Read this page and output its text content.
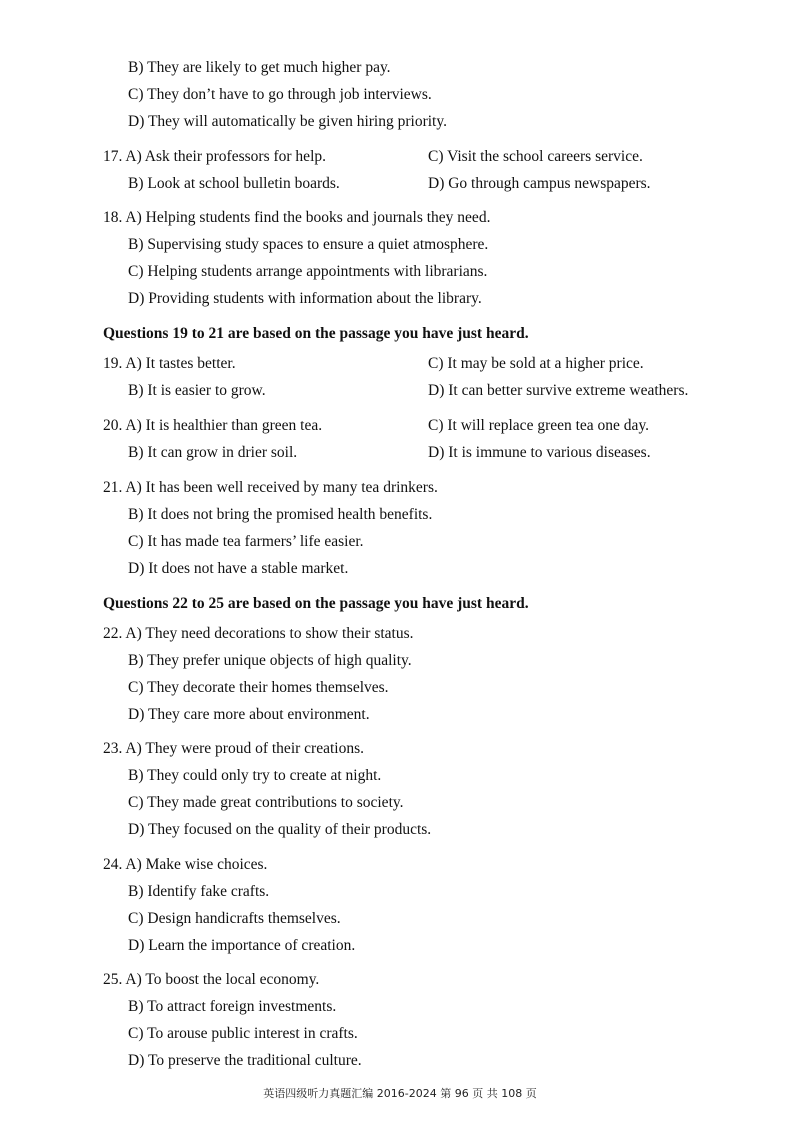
B) They are likely to get much higher pay.
C) They don’t have to go through job interviews.
D) They will automatically be given hiring priority.
17. A) Ask their professors for help.	C) Visit the school careers service.
B) Look at school bulletin boards.	D) Go through campus newspapers.
18. A) Helping students find the books and journals they need.
B) Supervising study spaces to ensure a quiet atmosphere.
C) Helping students arrange appointments with librarians.
D) Providing students with information about the library.
Questions 19 to 21 are based on the passage you have just heard.
19. A) It tastes better.	C) It may be sold at a higher price.
B) It is easier to grow.	D) It can better survive extreme weathers.
20. A) It is healthier than green tea.	C) It will replace green tea one day.
B) It can grow in drier soil.	D) It is immune to various diseases.
21. A) It has been well received by many tea drinkers.
B) It does not bring the promised health benefits.
C) It has made tea farmers’ life easier.
D) It does not have a stable market.
Questions 22 to 25 are based on the passage you have just heard.
22. A) They need decorations to show their status.
B) They prefer unique objects of high quality.
C) They decorate their homes themselves.
D) They care more about environment.
23. A) They were proud of their creations.
B) They could only try to create at night.
C) They made great contributions to society.
D) They focused on the quality of their products.
24. A) Make wise choices.
B) Identify fake crafts.
C) Design handicrafts themselves.
D) Learn the importance of creation.
25. A) To boost the local economy.
B) To attract foreign investments.
C) To arouse public interest in crafts.
D) To preserve the traditional culture.
英语四级听力真题汇编 2016-2024 第 96 页 共 108 页
